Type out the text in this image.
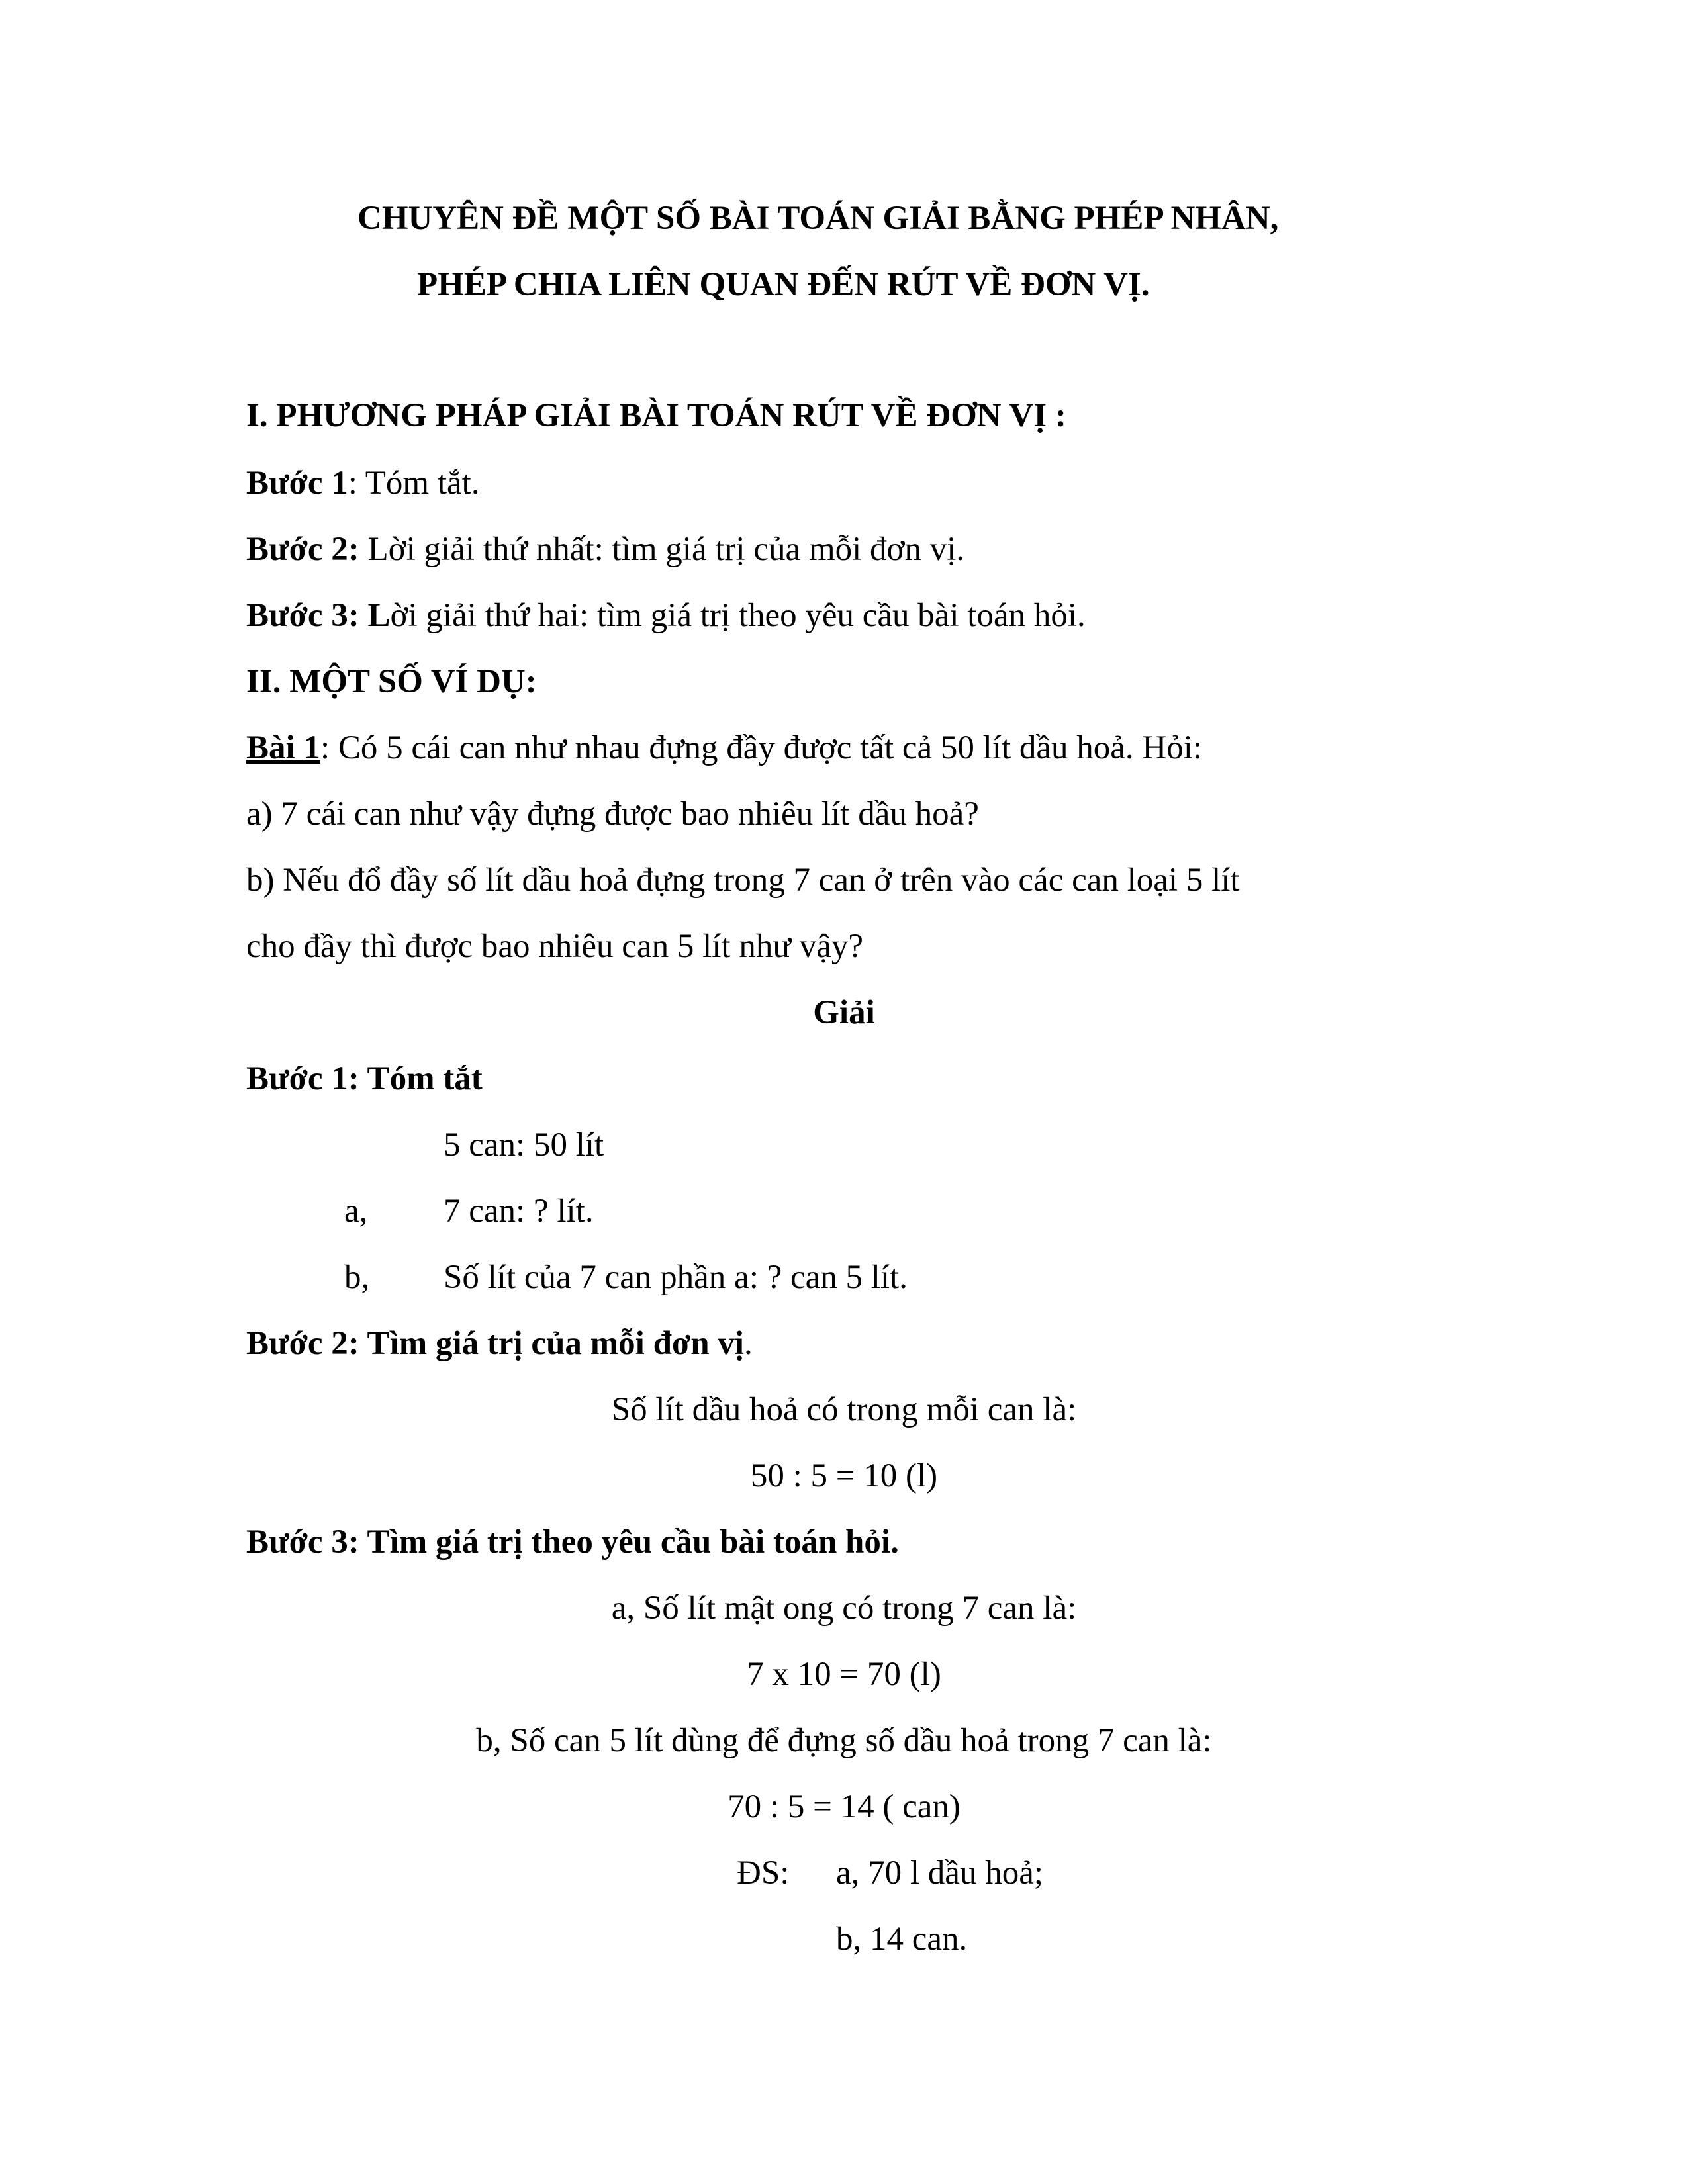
CHUYÊN ĐỀ MỘT SỐ BÀI TOÁN GIẢI BẰNG PHÉP NHÂN,
PHÉP CHIA LIÊN QUAN ĐẾN RÚT VỀ ĐƠN VỊ.
I. PHƯƠNG PHÁP GIẢI BÀI TOÁN RÚT VỀ ĐƠN VỊ :
Bước 1: Tóm tắt.
Bước 2: Lời giải thứ nhất: tìm giá trị của mỗi đơn vị.
Bước 3: Lời giải thứ hai: tìm giá trị theo yêu cầu bài toán hỏi.
II. MỘT SỐ VÍ DỤ:
Bài 1: Có 5 cái can như nhau đựng đầy được tất cả 50 lít dầu hoả. Hỏi:
a) 7 cái can như vậy đựng được bao nhiêu lít dầu hoả?
b) Nếu đổ đầy số lít dầu hoả đựng trong 7 can ở trên vào các can loại 5 lít
cho đầy thì được bao nhiêu can 5 lít như vậy?
Giải
Bước 1: Tóm tắt
5 can: 50 lít
a, 7 can: ? lít.
b, Số lít của 7 can phần a: ? can 5 lít.
Bước 2: Tìm giá trị của mỗi đơn vị.
Số lít dầu hoả có trong mỗi can là:
50 : 5 = 10 (l)
Bước 3: Tìm giá trị theo yêu cầu bài toán hỏi.
a, Số lít mật ong có trong 7 can là:
7 x 10 = 70 (l)
b, Số can 5 lít dùng để đựng số dầu hoả trong 7 can là:
70 : 5 = 14 ( can)
ĐS: a, 70 l dầu hoả;
b, 14 can.
